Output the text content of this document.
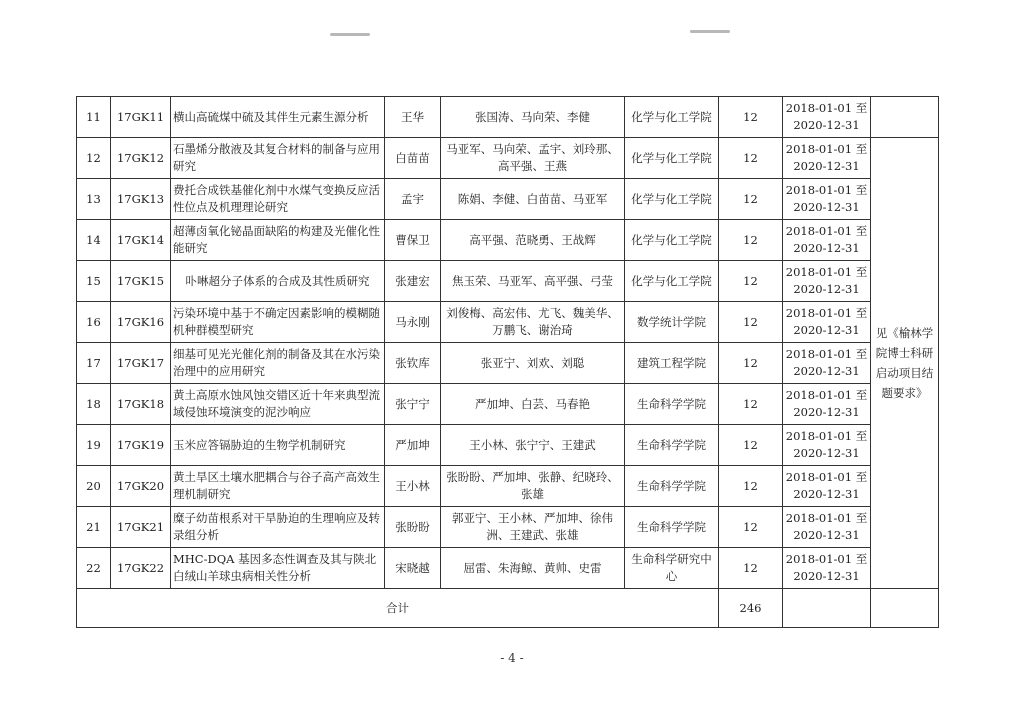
11	17GK11	横山高硫煤中硫及其伴生元素生源分析	王华	张国涛、马向荣、李健	化学与化工学院	12	2018-01-01 至
2020-12-31	
12	17GK12	石墨烯分散液及其复合材料的制备与应用研究	白苗苗	马亚军、马向荣、孟宇、刘玲那、高平强、王燕	化学与化工学院	12	2018-01-01 至
2020-12-31	见《榆林学院博士科研启动项目结题要求》
13	17GK13	费托合成铁基催化剂中水煤气变换反应活性位点及机理理论研究	孟宇	陈娟、李健、白苗苗、马亚军	化学与化工学院	12	2018-01-01 至
2020-12-31	
14	17GK14	超薄卤氧化铋晶面缺陷的构建及光催化性能研究	曹保卫	高平强、范晓勇、王战辉	化学与化工学院	12	2018-01-01 至
2020-12-31	
15	17GK15	卟啉超分子体系的合成及其性质研究	张建宏	焦玉荣、马亚军、高平强、弓莹	化学与化工学院	12	2018-01-01 至
2020-12-31	
16	17GK16	污染环境中基于不确定因素影响的模糊随机种群模型研究	马永刚	刘俊梅、高宏伟、尤飞、魏美华、万鹏飞、谢治琦	数学统计学院	12	2018-01-01 至
2020-12-31	
17	17GK17	细基可见光光催化剂的制备及其在水污染治理中的应用研究	张钦库	张亚宁、刘欢、刘聪	建筑工程学院	12	2018-01-01 至
2020-12-31	
18	17GK18	黄土高原水蚀风蚀交错区近十年来典型流域侵蚀环境演变的泥沙响应	张宁宁	严加坤、白芸、马春艳	生命科学学院	12	2018-01-01 至
2020-12-31	
19	17GK19	玉米应答镉胁迫的生物学机制研究	严加坤	王小林、张宁宁、王建武	生命科学学院	12	2018-01-01 至
2020-12-31	
20	17GK20	黄土旱区土壤水肥耦合与谷子高产高效生理机制研究	王小林	张盼盼、严加坤、张静、纪晓玲、张雄	生命科学学院	12	2018-01-01 至
2020-12-31	
21	17GK21	糜子幼苗根系对干旱胁迫的生理响应及转录组分析	张盼盼	郭亚宁、王小林、严加坤、徐伟洲、王建武、张雄	生命科学学院	12	2018-01-01 至
2020-12-31	
22	17GK22	MHC-DQA 基因多态性调查及其与陕北白绒山羊球虫病相关性分析	宋晓越	屈雷、朱海鲸、黄帅、史雷	生命科学研究中心	12	2018-01-01 至
2020-12-31	
合计						246		
- 4 -
